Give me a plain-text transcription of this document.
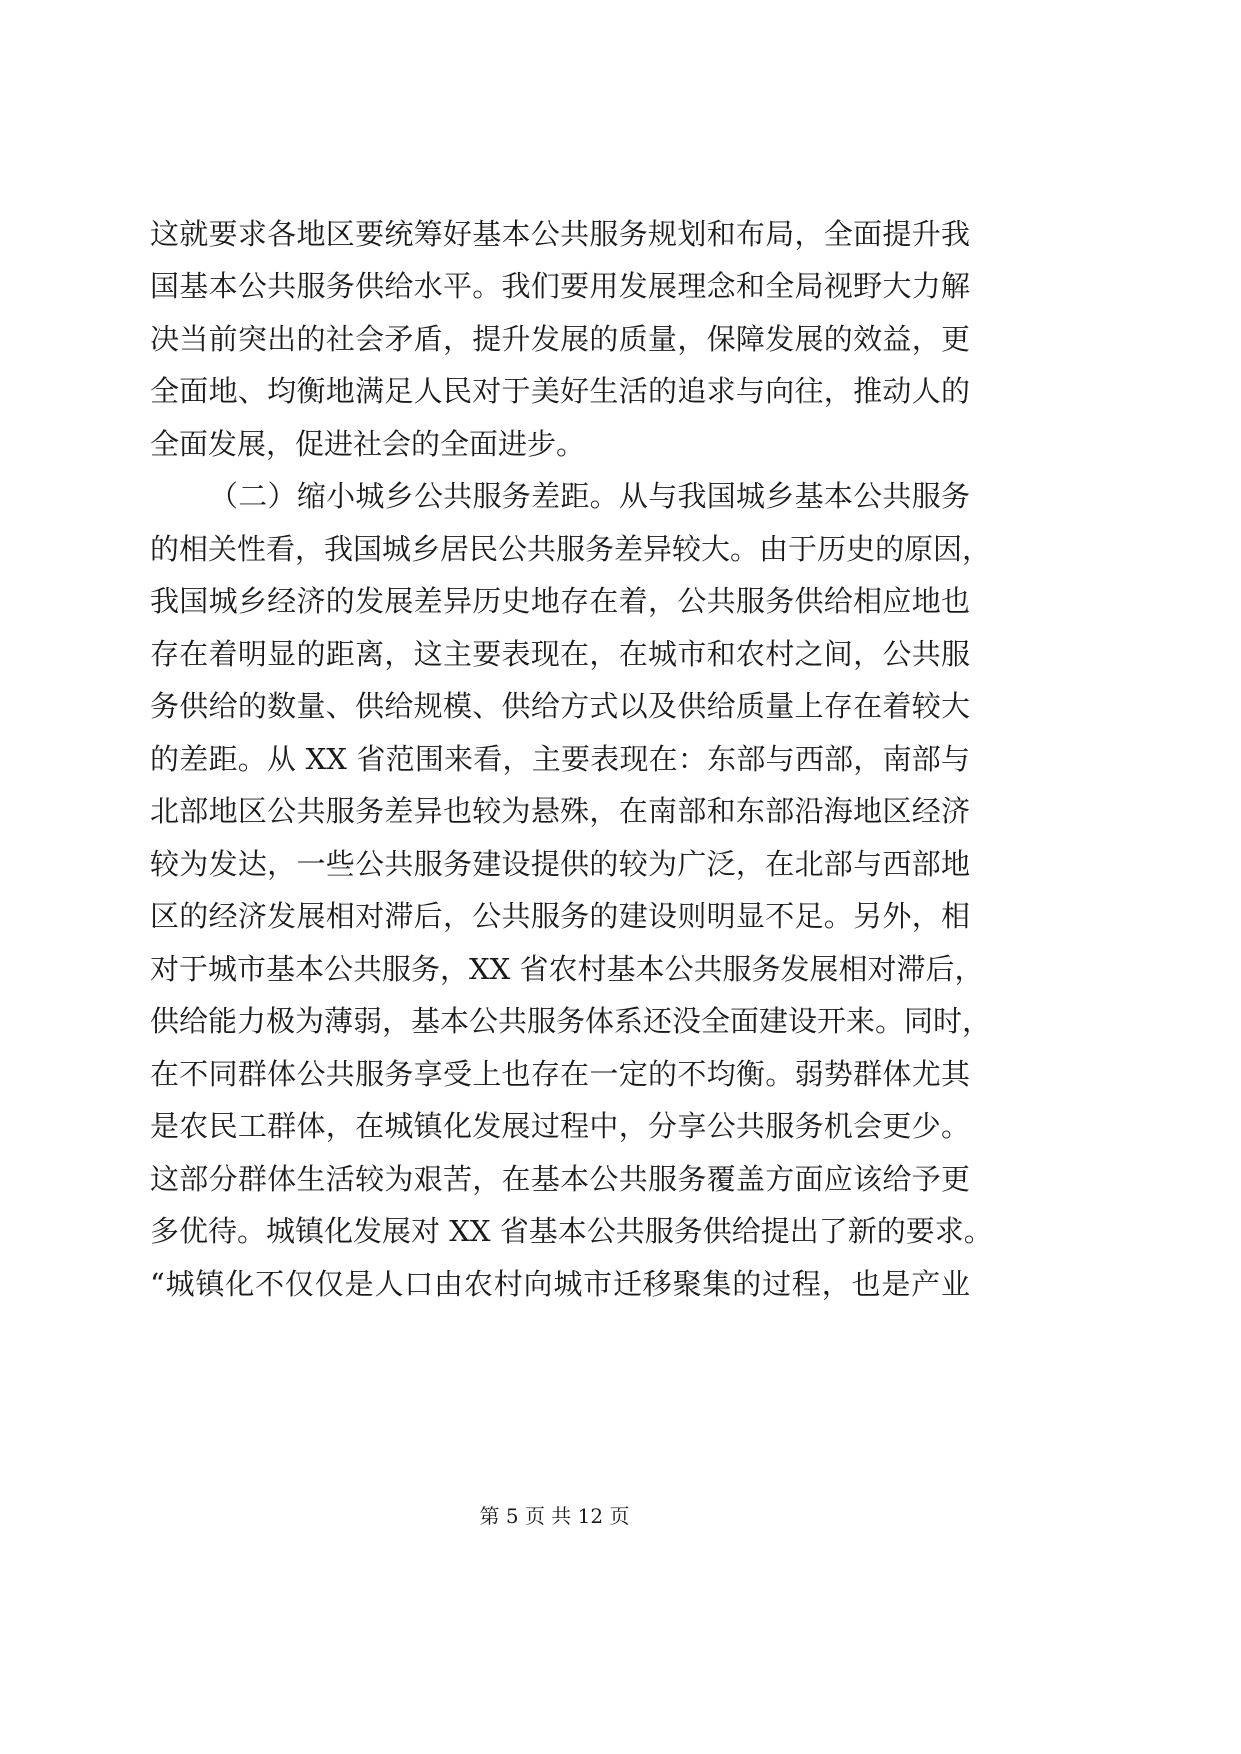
这就要求各地区要统筹好基本公共服务规划和布局，全面提升我
国基本公共服务供给水平。我们要用发展理念和全局视野大力解
决当前突出的社会矛盾，提升发展的质量，保障发展的效益，更
全面地、均衡地满足人民对于美好生活的追求与向往，推动人的
全面发展，促进社会的全面进步。
（二）缩小城乡公共服务差距。从与我国城乡基本公共服务
的相关性看，我国城乡居民公共服务差异较大。由于历史的原因，
我国城乡经济的发展差异历史地存在着，公共服务供给相应地也
存在着明显的距离，这主要表现在，在城市和农村之间，公共服
务供给的数量、供给规模、供给方式以及供给质量上存在着较大
的差距。从 XX 省范围来看，主要表现在：东部与西部，南部与
北部地区公共服务差异也较为悬殊，在南部和东部沿海地区经济
较为发达，一些公共服务建设提供的较为广泛，在北部与西部地
区的经济发展相对滞后，公共服务的建设则明显不足。另外，相
对于城市基本公共服务，XX 省农村基本公共服务发展相对滞后，
供给能力极为薄弱，基本公共服务体系还没全面建设开来。同时，
在不同群体公共服务享受上也存在一定的不均衡。弱势群体尤其
是农民工群体，在城镇化发展过程中，分享公共服务机会更少。
这部分群体生活较为艰苦，在基本公共服务覆盖方面应该给予更
多优待。城镇化发展对 XX 省基本公共服务供给提出了新的要求。
“城镇化不仅仅是人口由农村向城市迁移聚集的过程，也是产业
第 5 页 共 12 页
